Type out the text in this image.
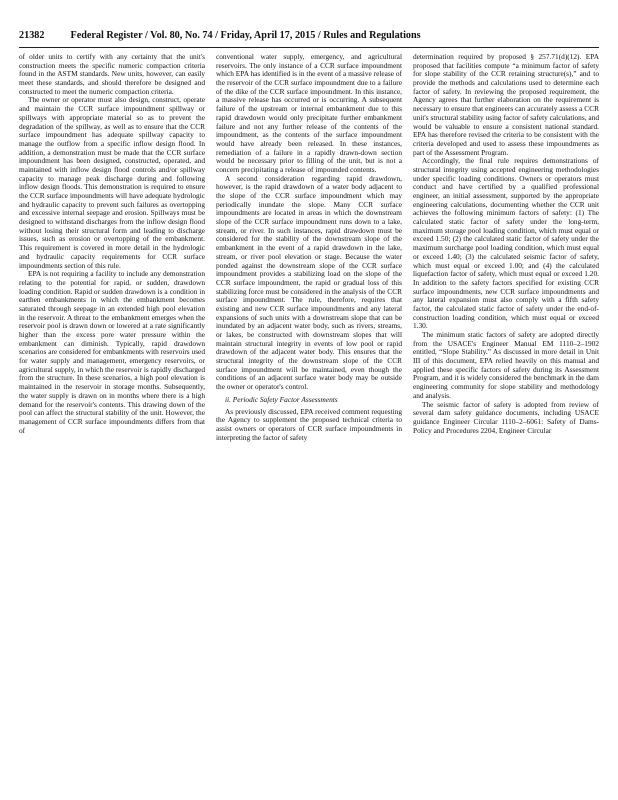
21382	Federal Register / Vol. 80, No. 74 / Friday, April 17, 2015 / Rules and Regulations

of older units to certify with any certainty that the unit's construction meets the specific numeric compaction criteria found in the ASTM standards. New units, however, can easily meet these standards, and should therefore be designed and constructed to meet the numeric compaction criteria.

The owner or operator must also design, construct, operate and maintain the CCR surface impoundment spillway or spillways with appropriate material so as to prevent the degradation of the spillway, as well as to ensure that the CCR surface impoundment has adequate spillway capacity to manage the outflow from a specific inflow design flood. In addition, a demonstration must be made that the CCR surface impoundment has been designed, constructed, operated, and maintained with inflow design flood controls and/or spillway capacity to manage peak discharge during and following inflow design floods. This demonstration is required to ensure the CCR surface impoundments will have adequate hydrologic and hydraulic capacity to prevent such failures as overtopping and excessive internal seepage and erosion. Spillways must be designed to withstand discharges from the inflow design flood without losing their structural form and leading to discharge issues, such as erosion or overtopping of the embankment. This requirement is covered in more detail in the hydrologic and hydraulic capacity requirements for CCR surface impoundments section of this rule.

EPA is not requiring a facility to include any demonstration relating to the potential for rapid, or sudden, drawdown loading condition. Rapid or sudden drawdown is a condition in earthen embankments in which the embankment becomes saturated through seepage in an extended high pool elevation in the reservoir. A threat to the embankment emerges when the reservoir pool is drawn down or lowered at a rate significantly higher than the excess pore water pressure within the embankment can diminish. Typically, rapid drawdown scenarios are considered for embankments with reservoirs used for water supply and management, emergency reservoirs, or agricultural supply, in which the reservoir is rapidly discharged from the structure. In these scenarios, a high pool elevation is maintained in the reservoir in storage months. Subsequently, the water supply is drawn on in months where there is a high demand for the reservoir's contents. This drawing down of the pool can affect the structural stability of the unit. However, the management of CCR surface impoundments differs from that of

conventional water supply, emergency, and agricultural reservoirs. The only instance of a CCR surface impoundment which EPA has identified is in the event of a massive release of the reservoir of the CCR surface impoundment due to a failure of the dike of the CCR surface impoundment. In this instance, a massive release has occurred or is occurring. A subsequent failure of the upstream or internal embankment due to this rapid drawdown would only precipitate further embankment failure and not any further release of the contents of the impoundment, as the contents of the surface impoundment would have already been released. In these instances, remediation of a failure in a rapidly drawn-down section would be necessary prior to filling of the unit, but is not a concern precipitating a release of impounded contents.

A second consideration regarding rapid drawdown, however, is the rapid drawdown of a water body adjacent to the slope of the CCR surface impoundment which may periodically inundate the slope. Many CCR surface impoundments are located in areas in which the downstream slope of the CCR surface impoundment runs down to a lake, stream, or river. In such instances, rapid drawdown must be considered for the stability of the downstream slope of the embankment in the event of a rapid drawdown in the lake, stream, or river pool elevation or stage. Because the water ponded against the downstream slope of the CCR surface impoundment provides a stabilizing load on the slope of the CCR surface impoundment, the rapid or gradual loss of this stabilizing force must be considered in the analysis of the CCR surface impoundment. The rule, therefore, requires that existing and new CCR surface impoundments and any lateral expansions of such units with a downstream slope that can be inundated by an adjacent water body, such as rivers, streams, or lakes, be constructed with downstream slopes that will maintain structural integrity in events of low pool or rapid drawdown of the adjacent water body. This ensures that the structural integrity of the downstream slope of the CCR surface impoundment will be maintained, even though the conditions of an adjacent surface water body may be outside the owner or operator's control.

ii. Periodic Safety Factor Assessments

As previously discussed, EPA received comment requesting the Agency to supplement the proposed technical criteria to assist owners or operators of CCR surface impoundments in interpreting the factor of safety

determination required by proposed § 257.71(d)(12). EPA proposed that facilities compute “a minimum factor of safety for slope stability of the CCR retaining structure(s),” and to provide the methods and calculations used to determine each factor of safety. In reviewing the proposed requirement, the Agency agrees that further elaboration on the requirement is necessary to ensure that engineers can accurately assess a CCR unit's structural stability using factor of safety calculations, and would be valuable to ensure a consistent national standard. EPA has therefore revised the criteria to be consistent with the criteria developed and used to assess these impoundments as part of the Assessment Program.

Accordingly, the final rule requires demonstrations of structural integrity using accepted engineering methodologies under specific loading conditions. Owners or operators must conduct and have certified by a qualified professional engineer, an initial assessment, supported by the appropriate engineering calculations, documenting whether the CCR unit achieves the following minimum factors of safety: (1) The calculated static factor of safety under the long-term, maximum storage pool loading condition, which must equal or exceed 1.50; (2) the calculated static factor of safety under the maximum surcharge pool loading condition, which must equal or exceed 1.40; (3) the calculated seismic factor of safety, which must equal or exceed 1.00; and (4) the calculated liquefaction factor of safety, which must equal or exceed 1.20. In addition to the safety factors specified for existing CCR surface impoundments, new CCR surface impoundments and any lateral expansion must also comply with a fifth safety factor, the calculated static factor of safety under the end-of-construction loading condition, which must equal or exceed 1.30.

The minimum static factors of safety are adopted directly from the USACE's Engineer Manual EM 1110–2–1902 entitled, “Slope Stability.” As discussed in more detail in Unit III of this document, EPA relied heavily on this manual and applied these specific factors of safety during its Assessment Program, and it is widely considered the benchmark in the dam engineering community for slope stability and methodology and analysis.

The seismic factor of safety is adopted from review of several dam safety guidance documents, including USACE guidance Engineer Circular 1110–2–6061: Safety of Dams-Policy and Procedures 2204, Engineer Circular
